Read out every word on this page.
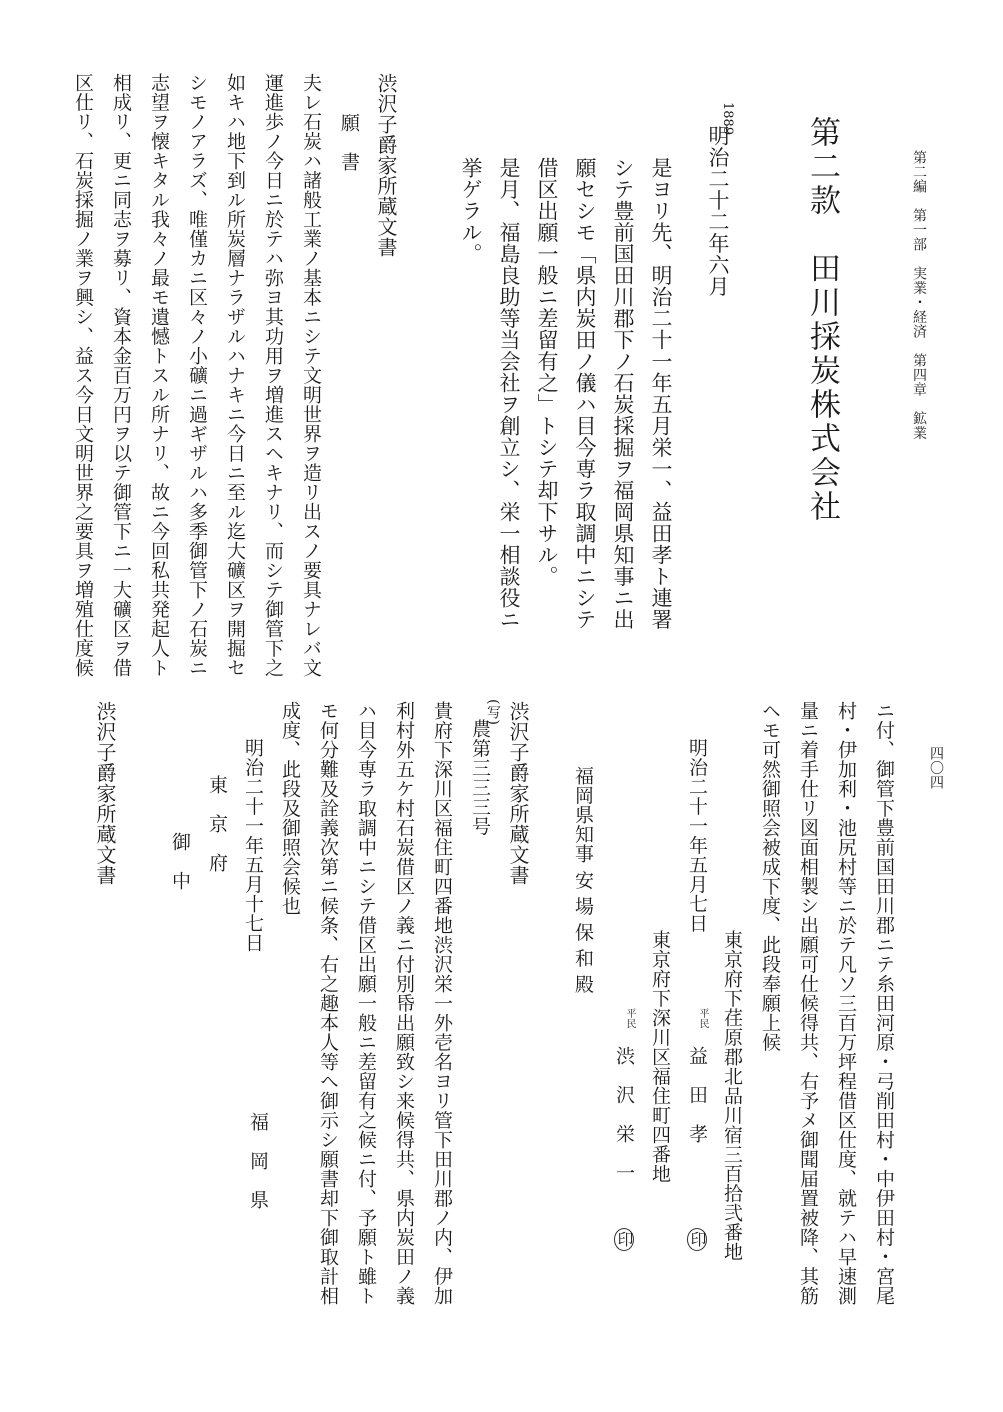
第二編　第一部　実業・経済　第四章　鉱業
四〇四
第二款　田川採炭株式会社
1889
明治二十二年六月
是ヨリ先、明治二十一年五月栄一、益田孝ト連署
シテ豊前国田川郡下ノ石炭採掘ヲ福岡県知事ニ出
願セシモ「県内炭田ノ儀ハ目今専ラ取調中ニシテ
借区出願一般ニ差留有之」トシテ却下サル。
是月、福島良助等当会社ヲ創立シ、栄一相談役ニ
挙ゲラル。
渋沢子爵家所蔵文書
願　書
夫レ石炭ハ諸般工業ノ基本ニシテ文明世界ヲ造リ出スノ要具ナレバ文
運進歩ノ今日ニ於テハ弥ヨ其功用ヲ増進スヘキナリ、而シテ御管下之
如キハ地下到ル所炭層ナラザルハナキニ今日ニ至ル迄大礦区ヲ開掘セ
シモノアラズ、唯僅カニ区々ノ小礦ニ過ギザルハ多季御管下ノ石炭ニ
志望ヲ懐キタル我々ノ最モ遺憾トスル所ナリ、故ニ今回私共発起人ト
相成リ、更ニ同志ヲ募リ、資本金百万円ヲ以テ御管下ニ一大礦区ヲ借
区仕リ、石炭採掘ノ業ヲ興シ、益ス今日文明世界之要具ヲ増殖仕度候
ニ付、御管下豊前国田川郡ニテ糸田河原・弓削田村・中伊田村・宮尾
村・伊加利・池尻村等ニ於テ凡ソ三百万坪程借区仕度、就テハ早速測
量ニ着手仕リ図面相製シ出願可仕候得共、右予メ御聞届置被降、其筋
ヘモ可然御照会被成下度、此段奉願上候
東京府下荏原郡北品川宿三百拾弐番地
平民
益　田　孝
印
明治二十一年五月七日
東京府下深川区福住町四番地
平民
渋　沢　栄　一
印
福岡県知事 安 場 保 和 殿
渋沢子爵家所蔵文書
(写)
農第三三三号
貴府下深川区福住町四番地渋沢栄一外壱名ヨリ管下田川郡ノ内、伊加
利村外五ケ村石炭借区ノ義ニ付別帋出願致シ来候得共、県内炭田ノ義
ハ目今専ラ取調中ニシテ借区出願一般ニ差留有之候ニ付、予願ト雖ト
モ何分難及詮義次第ニ候条、右之趣本人等へ御示シ願書却下御取計相
成度、此段及御照会候也
明治二十一年五月十七日
福　岡　県
東　京　府
御　中
渋沢子爵家所蔵文書
